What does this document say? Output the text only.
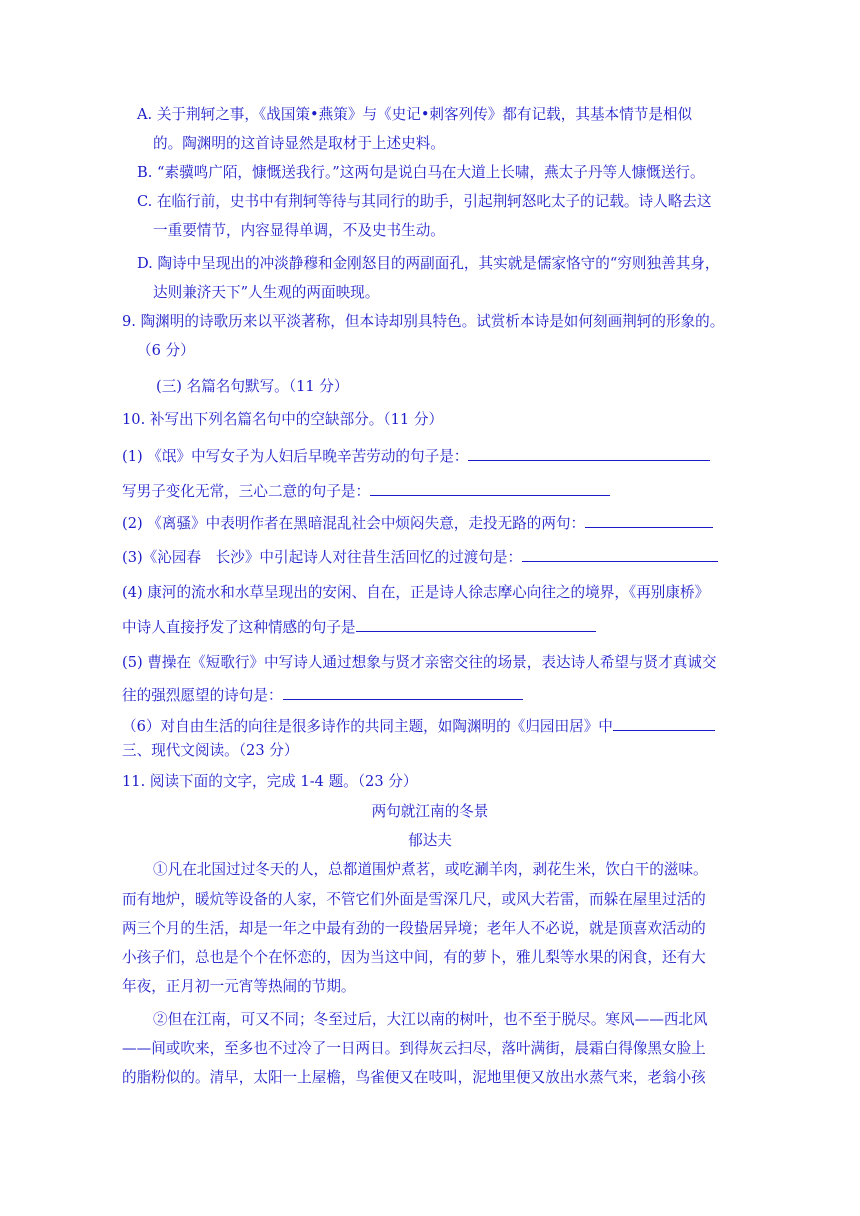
A. 关于荆轲之事，《战国策•燕策》与《史记•刺客列传》都有记载，其基本情节是相似
的。陶渊明的这首诗显然是取材于上述史料。
B. “素骥鸣广陌，慷慨送我行。”这两句是说白马在大道上长啸，燕太子丹等人慷慨送行。
C. 在临行前，史书中有荆轲等待与其同行的助手，引起荆轲怒叱太子的记载。诗人略去这
一重要情节，内容显得单调，不及史书生动。
D. 陶诗中呈现出的冲淡静穆和金刚怒目的两副面孔，其实就是儒家恪守的“穷则独善其身，
达则兼济天下”人生观的两面映现。
9. 陶渊明的诗歌历来以平淡著称，但本诗却别具特色。试赏析本诗是如何刻画荆轲的形象的。
（6 分）
(三) 名篇名句默写。（11 分）
10. 补写出下列名篇名句中的空缺部分。（11 分）
(1) 《氓》中写女子为人妇后早晚辛苦劳动的句子是：
写男子变化无常，三心二意的句子是：
(2) 《离骚》中表明作者在黑暗混乱社会中烦闷失意，走投无路的两句：
(3)《沁园春　长沙》中引起诗人对往昔生活回忆的过渡句是：
(4) 康河的流水和水草呈现出的安闲、自在，正是诗人徐志摩心向往之的境界，《再别康桥》
中诗人直接抒发了这种情感的句子是
(5) 曹操在《短歌行》中写诗人通过想象与贤才亲密交往的场景，表达诗人希望与贤才真诚交
往的强烈愿望的诗句是：
（6）对自由生活的向往是很多诗作的共同主题，如陶渊明的《归园田居》中
三、现代文阅读。（23 分）
11. 阅读下面的文字，完成 1-4 题。（23 分）
两句就江南的冬景
郁达夫
①凡在北国过过冬天的人，总都道围炉煮茗，或吃涮羊肉，剥花生米，饮白干的滋味。
而有地炉，暖炕等设备的人家，不管它们外面是雪深几尺，或风大若雷，而躲在屋里过活的
两三个月的生活，却是一年之中最有劲的一段蛰居异境；老年人不必说，就是顶喜欢活动的
小孩子们，总也是个个在怀恋的，因为当这中间，有的萝卜，雅儿梨等水果的闲食，还有大
年夜，正月初一元宵等热闹的节期。
②但在江南，可又不同；冬至过后，大江以南的树叶，也不至于脱尽。寒风——西北风
——间或吹来，至多也不过冷了一日两日。到得灰云扫尽，落叶满街，晨霜白得像黑女脸上
的脂粉似的。清早，太阳一上屋檐，鸟雀便又在吱叫，泥地里便又放出水蒸气来，老翁小孩
